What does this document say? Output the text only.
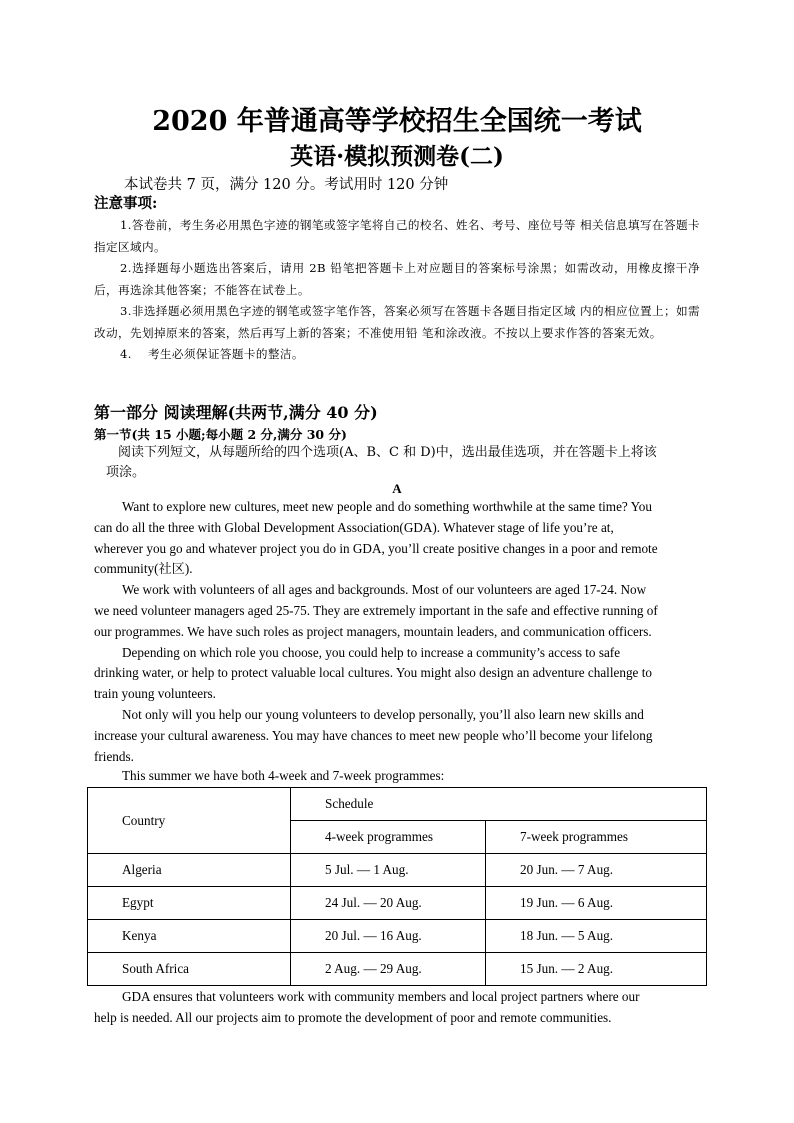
2020 年普通高等学校招生全国统一考试
英语·模拟预测卷(二)
本试卷共 7 页，满分 120 分。考试用时 120 分钟
注意事项:

1.答卷前，考生务必用黑色字迹的钢笔或签字笔将自己的校名、姓名、考号、座位号等 相关信息填写在答题卡指定区域内。

2.选择题每小题选出答案后，请用 2B 铅笔把答题卡上对应题目的答案标号涂黑；如需改动，用橡皮擦干净后，再选涂其他答案；不能答在试卷上。

3.非选择题必须用黑色字迹的钢笔或签字笔作答，答案必须写在答题卡各题目指定区域 内的相应位置上；如需改动，先划掉原来的答案，然后再写上新的答案；不准使用铅 笔和涂改液。不按以上要求作答的答案无效。

4.　 考生必须保证答题卡的整洁。

第一部分 阅读理解(共两节,满分 40 分)
第一节(共 15 小题;每小题 2 分,满分 30 分)

阅读下列短文，从每题所给的四个选项(A、B、C 和 D)中，选出最佳选项，并在答题卡上将该

项涂。

A
Want to explore new cultures, meet new people and do something worthwhile at the same time? You
can do all the three with Global Development Association(GDA). Whatever stage of life you’re at,
wherever you go and whatever project you do in GDA, you’ll create positive changes in a poor and remote
community(社区).
We work with volunteers of all ages and backgrounds. Most of our volunteers are aged 17-24. Now
we need volunteer managers aged 25-75. They are extremely important in the safe and effective running of
our programmes. We have such roles as project managers, mountain leaders, and communication officers.
Depending on which role you choose, you could help to increase a community’s access to safe
drinking water, or help to protect valuable local cultures. You might also design an adventure challenge to
train young volunteers.
Not only will you help our young volunteers to develop personally, you’ll also learn new skills and
increase your cultural awareness. You may have chances to meet new people who’ll become your lifelong
friends.
This summer we have both 4-week and 7-week programmes:
Country	Schedule	
	4-week programmes	7-week programmes
Algeria	5 Jul. — 1 Aug.	20 Jun. — 7 Aug.
Egypt	24 Jul. — 20 Aug.	19 Jun. — 6 Aug.
Kenya	20 Jul. — 16 Aug.	18 Jun. — 5 Aug.
South Africa	2 Aug. — 29 Aug.	15 Jun. — 2 Aug.
GDA ensures that volunteers work with community members and local project partners where our
help is needed. All our projects aim to promote the development of poor and remote communities.
